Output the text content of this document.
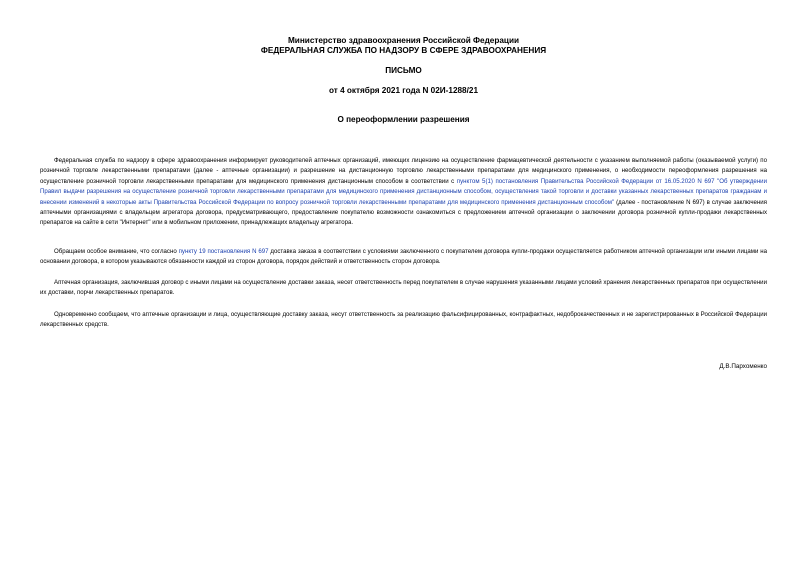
Министерство здравоохранения Российской Федерации
ФЕДЕРАЛЬНАЯ СЛУЖБА ПО НАДЗОРУ В СФЕРЕ ЗДРАВООХРАНЕНИЯ
ПИСЬМО
от 4 октября 2021 года N 02И-1288/21
О переоформлении разрешения

Федеральная служба по надзору в сфере здравоохранения информирует руководителей аптечных организаций, имеющих лицензию на осуществление фармацевтической деятельности с указанием выполняемой работы (оказываемой услуги) по розничной торговле лекарственными препаратами (далее - аптечные организации) и разрешение на дистанционную торговлю лекарственными препаратами для медицинского применения, о необходимости переоформления разрешения на осуществление розничной торговли лекарственными препаратами для медицинского применения дистанционным способом в соответствии с пунктом 5(1) постановления Правительства Российской Федерации от 16.05.2020 N 697 "Об утверждении Правил выдачи разрешения на осуществление розничной торговли лекарственными препаратами для медицинского применения дистанционным способом, осуществления такой торговли и доставки указанных лекарственных препаратов гражданам и внесении изменений в некоторые акты Правительства Российской Федерации по вопросу розничной торговли лекарственными препаратами для медицинского применения дистанционным способом" (далее - постановление N 697) в случае заключения аптечными организациями с владельцем агрегатора договора, предусматривающего, предоставление покупателю возможности ознакомиться с предложением аптечной организации о заключении договора розничной купли-продажи лекарственных препаратов на сайте в сети "Интернет" или в мобильном приложении, принадлежащих владельцу агрегатора.

Обращаем особое внимание, что согласно пункту 19 постановления N 697 доставка заказа в соответствии с условиями заключенного с покупателем договора купли-продажи осуществляется работником аптечной организации или иными лицами на основании договора, в котором указываются обязанности каждой из сторон договора, порядок действий и ответственность сторон договора.

Аптечная организация, заключившая договор с иными лицами на осуществление доставки заказа, несет ответственность перед покупателем в случае нарушения указанными лицами условий хранения лекарственных препаратов при осуществлении их доставки, порчи лекарственных препаратов.

Одновременно сообщаем, что аптечные организации и лица, осуществляющие доставку заказа, несут ответственность за реализацию фальсифицированных, контрафактных, недоброкачественных и не зарегистрированных в Российской Федерации лекарственных средств.

Д.В.Пархоменко
